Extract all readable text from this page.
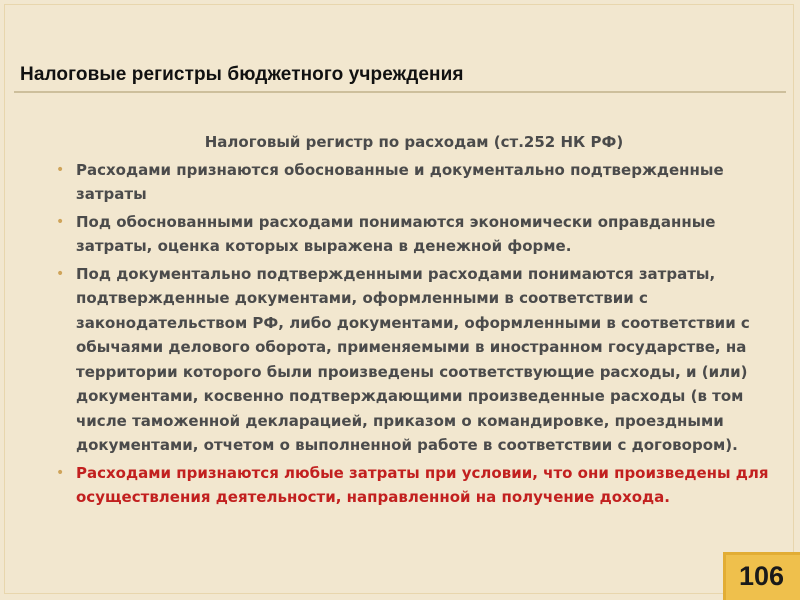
Налоговые регистры бюджетного учреждения
Налоговый регистр по расходам (ст.252 НК РФ)
• Расходами признаются обоснованные и документально подтвержденные затраты
• Под обоснованными расходами понимаются экономически оправданные затраты, оценка которых выражена в денежной форме.
• Под документально подтвержденными расходами понимаются затраты, подтвержденные документами, оформленными в соответствии с законодательством РФ, либо документами, оформленными в соответствии с обычаями делового оборота, применяемыми в иностранном государстве, на территории которого были произведены соответствующие расходы, и (или) документами, косвенно подтверждающими произведенные расходы (в том числе таможенной декларацией, приказом о командировке, проездными документами, отчетом о выполненной работе в соответствии с договором).
• Расходами признаются любые затраты при условии, что они произведены для осуществления деятельности, направленной на получение дохода.
106
